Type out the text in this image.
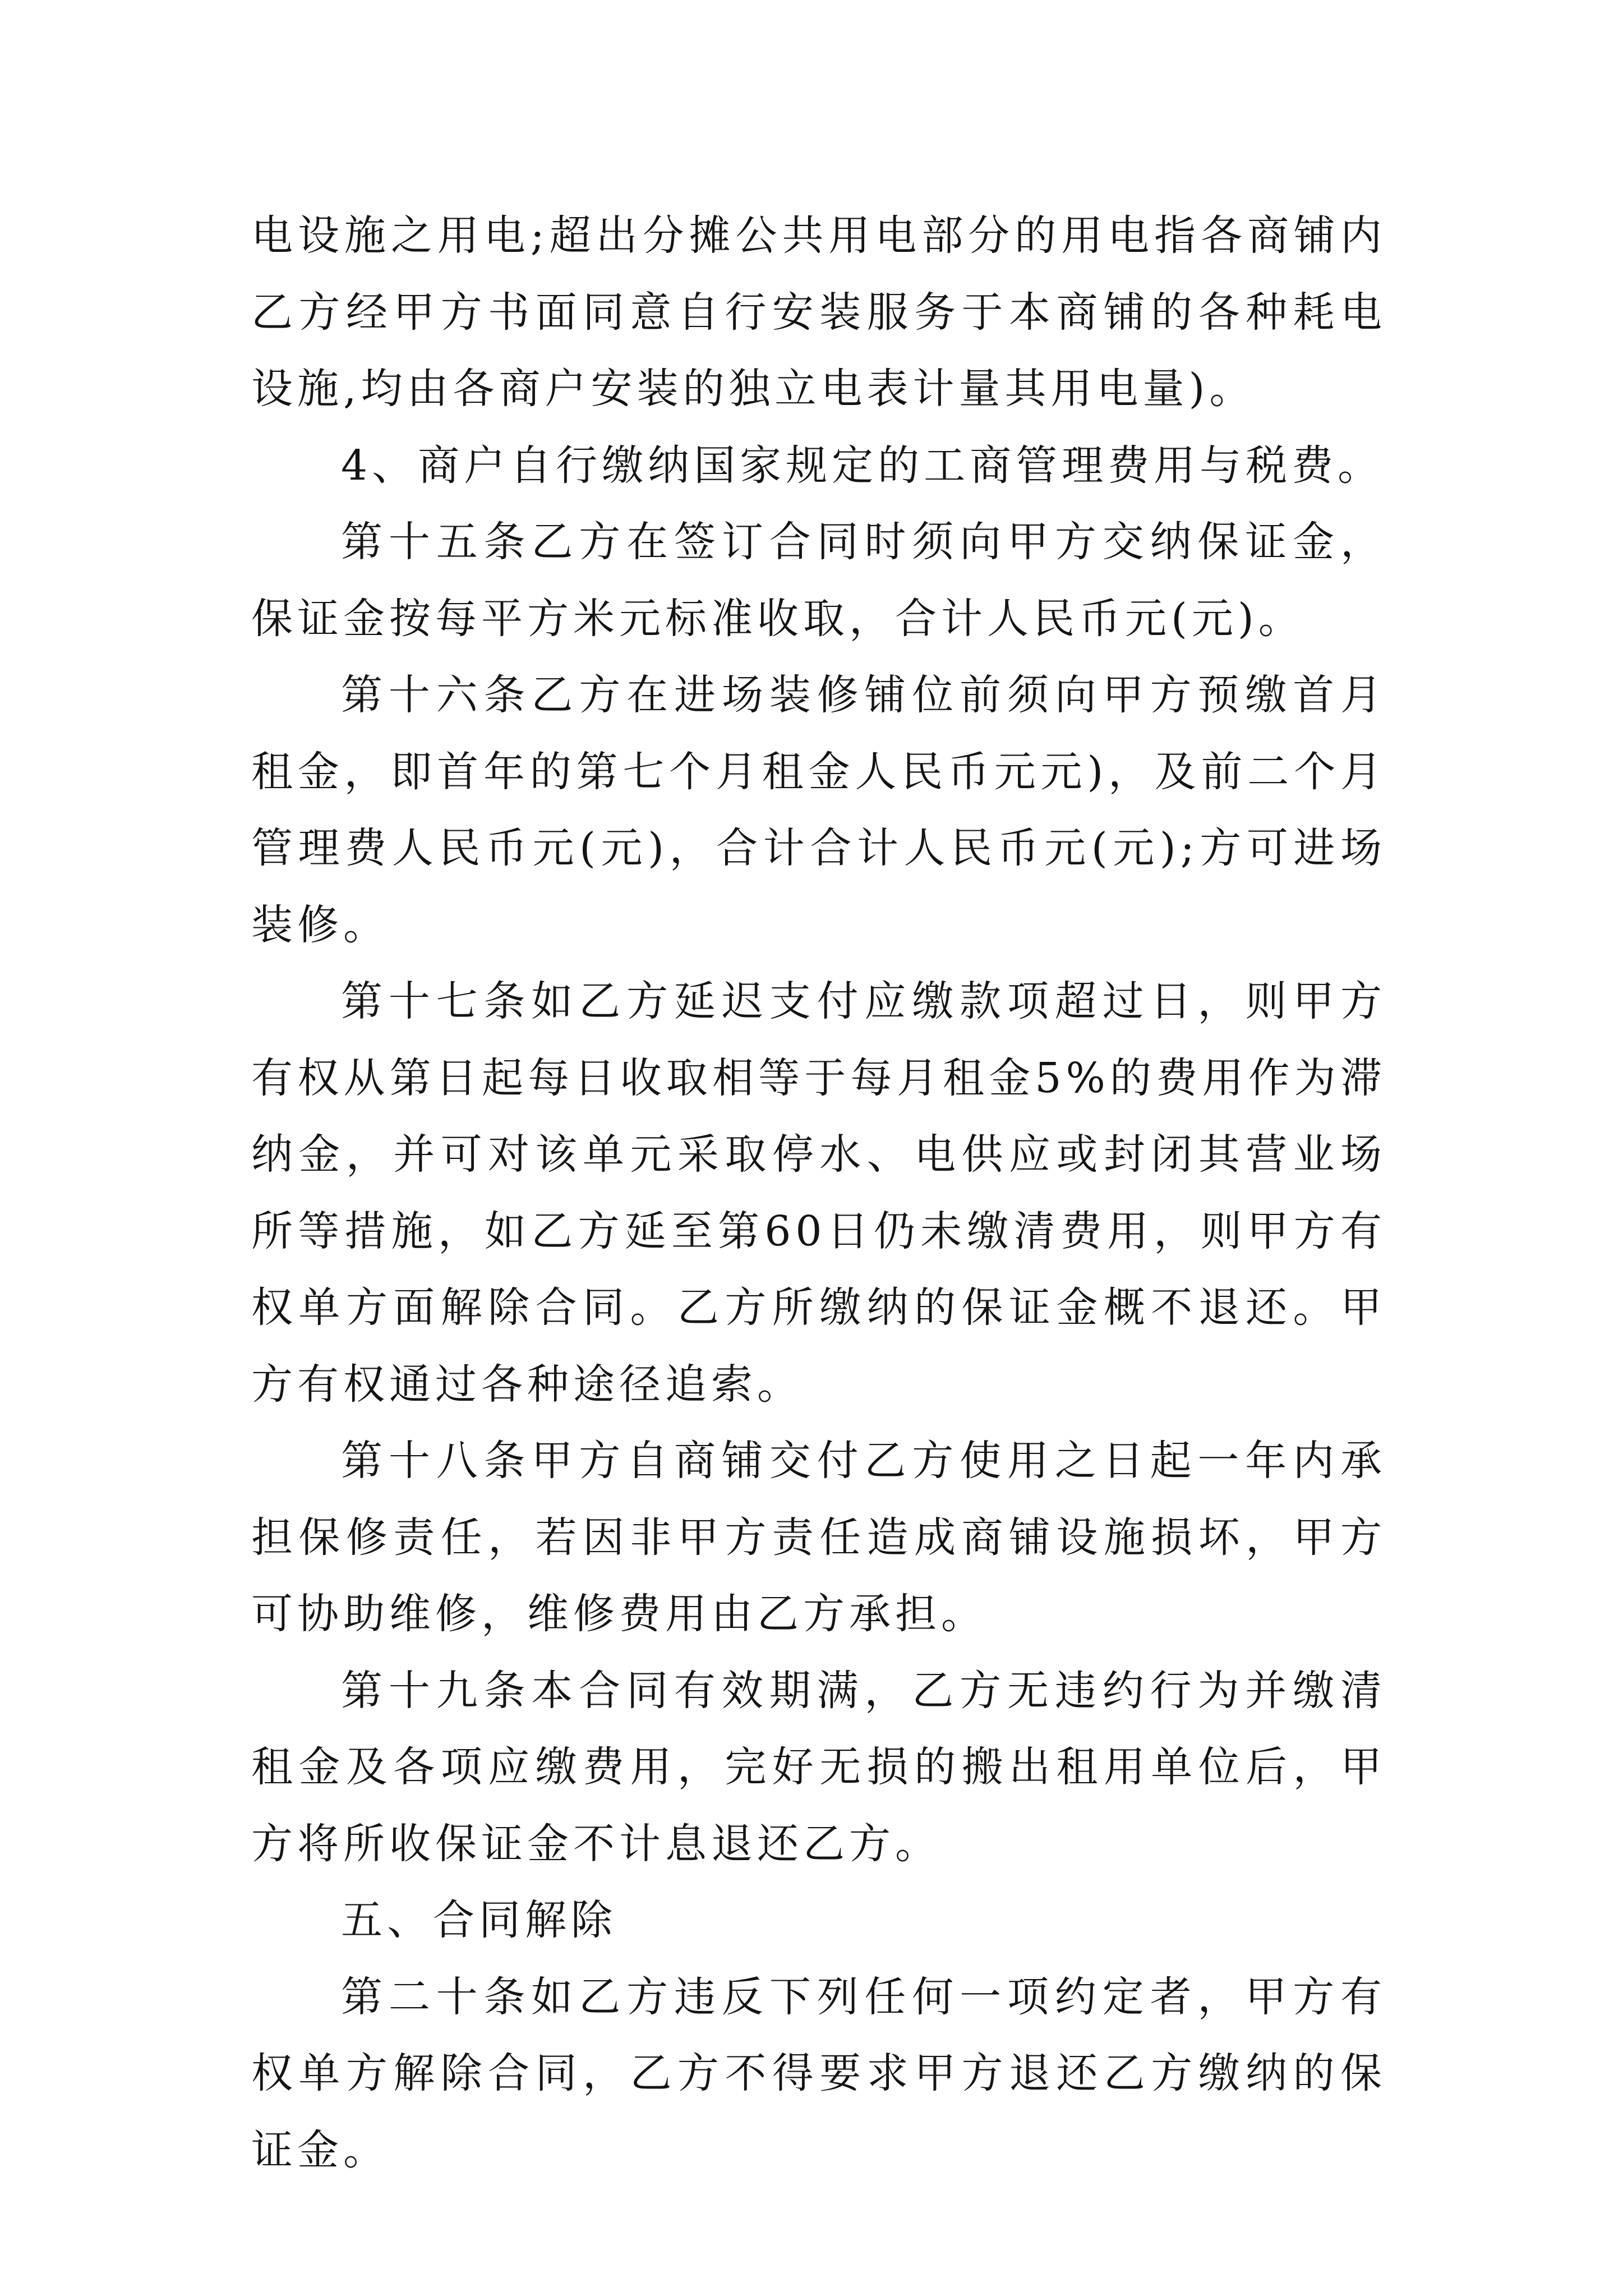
电设施之用电;超出分摊公共用电部分的用电指各商铺内乙方经甲方书面同意自行安装服务于本商铺的各种耗电设施,均由各商户安装的独立电表计量其用电量)。

4、商户自行缴纳国家规定的工商管理费用与税费。

第十五条乙方在签订合同时须向甲方交纳保证金，保证金按每平方米元标准收取，合计人民币元(元)。

第十六条乙方在进场装修铺位前须向甲方预缴首月租金，即首年的第七个月租金人民币元元)，及前二个月管理费人民币元(元)，合计合计人民币元(元);方可进场装修。

第十七条如乙方延迟支付应缴款项超过日，则甲方有权从第日起每日收取相等于每月租金5%的费用作为滞纳金，并可对该单元采取停水、电供应或封闭其营业场所等措施，如乙方延至第60日仍未缴清费用，则甲方有权单方面解除合同。乙方所缴纳的保证金概不退还。甲方有权通过各种途径追索。

第十八条甲方自商铺交付乙方使用之日起一年内承担保修责任，若因非甲方责任造成商铺设施损坏，甲方可协助维修，维修费用由乙方承担。

第十九条本合同有效期满，乙方无违约行为并缴清租金及各项应缴费用，完好无损的搬出租用单位后，甲方将所收保证金不计息退还乙方。

五、合同解除

第二十条如乙方违反下列任何一项约定者，甲方有权单方解除合同，乙方不得要求甲方退还乙方缴纳的保证金。
